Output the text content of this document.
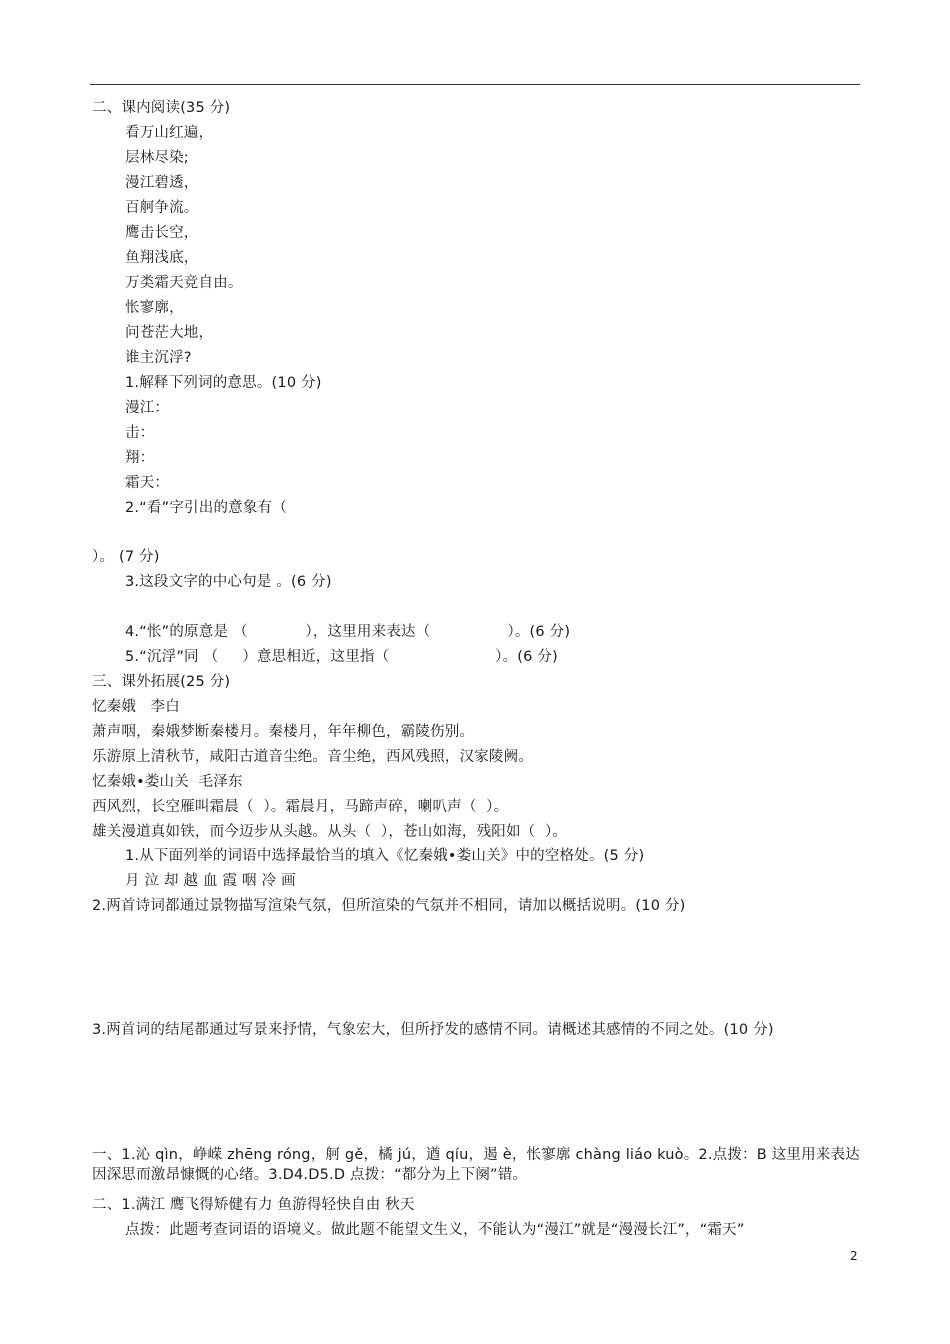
二、课内阅读(35 分)
看万山红遍，
层林尽染;
漫江碧透，
百舸争流。
鹰击长空，
鱼翔浅底，
万类霜天竞自由。
怅寥廓，
问苍茫大地，
谁主沉浮?
1.解释下列词的意思。(10 分)
漫江：
击：
翔：
霜天：
2.“看”字引出的意象有（
）。 (7 分)
3.这段文字的中心句是 。(6 分)
4.“怅”的原意是 （            ），这里用来表达（                ）。(6 分)
5.“沉浮”同 （     ）意思相近，这里指（                      ）。(6 分)
三、课外拓展(25 分)
忆秦娥   李白
萧声咽，秦娥梦断秦楼月。秦楼月，年年柳色，霸陵伤别。
乐游原上清秋节，咸阳古道音尘绝。音尘绝，西风残照，汉家陵阙。
忆秦娥•娄山关  毛泽东
西风烈，长空雁叫霜晨（  ）。霜晨月，马蹄声碎，喇叭声（  ）。
雄关漫道真如铁，而今迈步从头越。从头（  ），苍山如海，残阳如（  ）。
1.从下面列举的词语中选择最恰当的填入《忆秦娥•娄山关》中的空格处。(5 分)
月 泣 却 越 血 霞 咽 冷 画
2.两首诗词都通过景物描写渲染气氛，但所渲染的气氛并不相同，请加以概括说明。(10 分)
3.两首词的结尾都通过写景来抒情，气象宏大，但所抒发的感情不同。请概述其感情的不同之处。(10 分)
一、1.沁 qìn，峥嵘 zhēng róng，舸 gě，橘 jú，遒 qíu，遏 è，怅寥廓 chàng liáo kuò。2.点拨：B 这里用来表达因深思而激昂慷慨的心绪。3.D4.D5.D 点拨：“都分为上下阕”错。
二、1.满江 鹰飞得矫健有力 鱼游得轻快自由 秋天
点拨：此题考查词语的语境义。做此题不能望文生义，不能认为“漫江”就是“漫漫长江”，“霜天”
2
